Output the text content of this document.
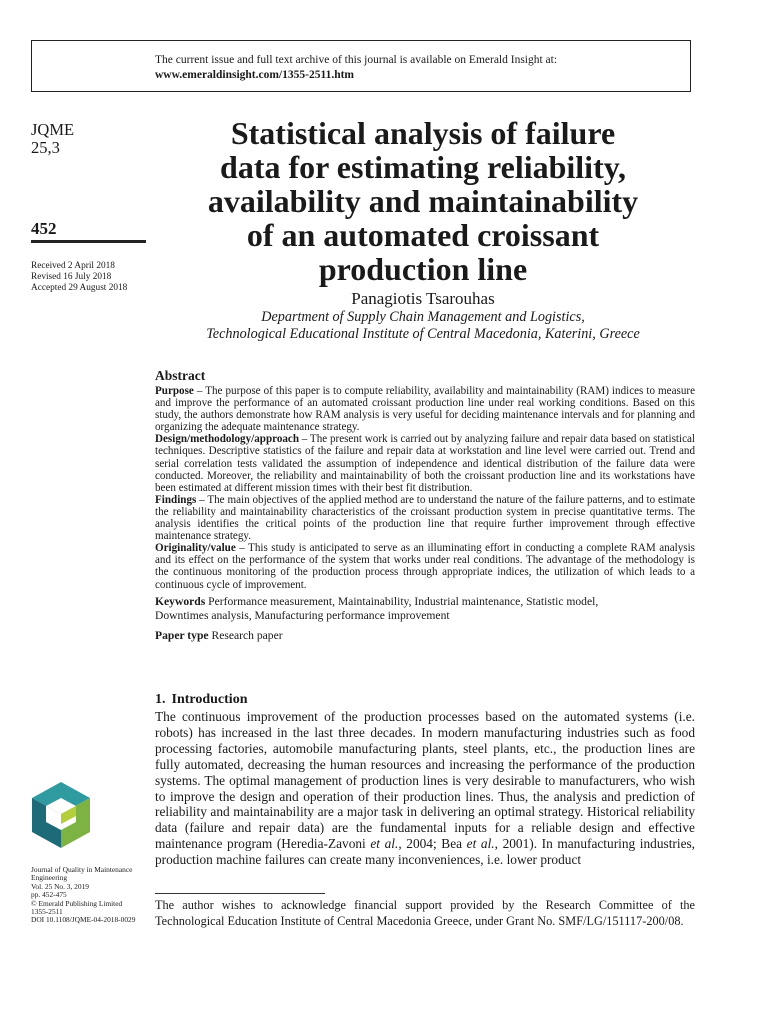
The current issue and full text archive of this journal is available on Emerald Insight at:
www.emeraldinsight.com/1355-2511.htm
JQME
25,3
452
Received 2 April 2018
Revised 16 July 2018
Accepted 29 August 2018
Statistical analysis of failure
data for estimating reliability,
availability and maintainability
of an automated croissant
production line
Panagiotis Tsarouhas
Department of Supply Chain Management and Logistics,
Technological Educational Institute of Central Macedonia, Katerini, Greece
Abstract

Purpose – The purpose of this paper is to compute reliability, availability and maintainability (RAM) indices to measure and improve the performance of an automated croissant production line under real working conditions. Based on this study, the authors demonstrate how RAM analysis is very useful for deciding maintenance intervals and for planning and organizing the adequate maintenance strategy.

Design/methodology/approach – The present work is carried out by analyzing failure and repair data based on statistical techniques. Descriptive statistics of the failure and repair data at workstation and line level were carried out. Trend and serial correlation tests validated the assumption of independence and identical distribution of the failure data were conducted. Moreover, the reliability and maintainability of both the croissant production line and its workstations have been estimated at different mission times with their best fit distribution.

Findings – The main objectives of the applied method are to understand the nature of the failure patterns, and to estimate the reliability and maintainability characteristics of the croissant production system in precise quantitative terms. The analysis identifies the critical points of the production line that require further improvement through effective maintenance strategy.

Originality/value – This study is anticipated to serve as an illuminating effort in conducting a complete RAM analysis and its effect on the performance of the system that works under real conditions. The advantage of the methodology is the continuous monitoring of the production process through appropriate indices, the utilization of which leads to a continuous cycle of improvement.

Keywords Performance measurement, Maintainability, Industrial maintenance, Statistic model,
Downtimes analysis, Manufacturing performance improvement

Paper type Research paper

1. Introduction

The continuous improvement of the production processes based on the automated systems (i.e. robots) has increased in the last three decades. In modern manufacturing industries such as food processing factories, automobile manufacturing plants, steel plants, etc., the production lines are fully automated, decreasing the human resources and increasing the performance of the production systems. The optimal management of production lines is very desirable to manufacturers, who wish to improve the design and operation of their production lines. Thus, the analysis and prediction of reliability and maintainability are a major task in delivering an optimal strategy. Historical reliability data (failure and repair data) are the fundamental inputs for a reliable design and effective maintenance program (Heredia-Zavoni et al., 2004; Bea et al., 2001). In manufacturing industries, production machine failures can create many inconveniences, i.e. lower product

The author wishes to acknowledge financial support provided by the Research Committee of the Technological Education Institute of Central Macedonia Greece, under Grant No. SMF/LG/151117-200/08.

Journal of Quality in Maintenance
Engineering
Vol. 25 No. 3, 2019
pp. 452-475
© Emerald Publishing Limited
1355-2511
DOI 10.1108/JQME-04-2018-0029
